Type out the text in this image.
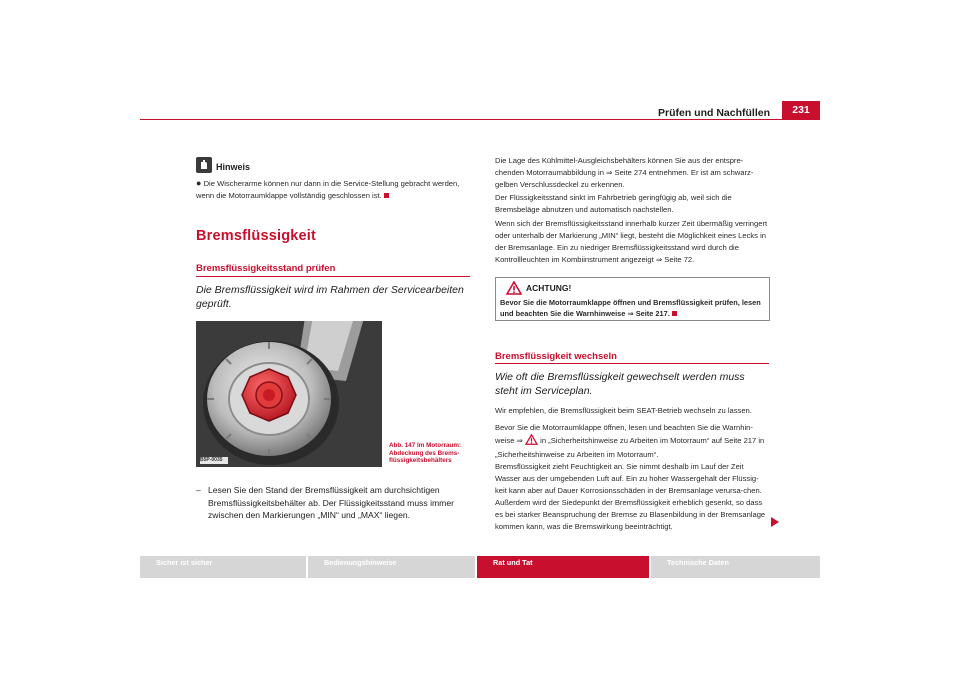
Prüfen und Nachfüllen	231
Hinweis
● Die Wischerarme können nur dann in die Service-Stellung gebracht werden, wenn die Motorraumklappe vollständig geschlossen ist.
Bremsflüssigkeit
Bremsflüssigkeitsstand prüfen
Die Bremsflüssigkeit wird im Rahmen der Servicearbeiten geprüft.
B5P-0035
Abb. 147 Im Motorraum:
Abdeckung des Brems-
flüssigkeitsbehälters
– Lesen Sie den Stand der Bremsflüssigkeit am durchsichtigen Bremsflüssigkeitsbehälter ab. Der Flüssigkeitsstand muss immer zwischen den Markierungen „MIN“ und „MAX“ liegen.
Die Lage des Kühlmittel-Ausgleichsbehälters können Sie aus der entspre-chenden Motorraumabbildung in ⇒ Seite 274 entnehmen. Er ist am schwarz-gelben Verschlussdeckel zu erkennen.
Der Flüssigkeitsstand sinkt im Fahrbetrieb geringfügig ab, weil sich die Bremsbeläge abnutzen und automatisch nachstellen.
Wenn sich der Bremsflüssigkeitsstand innerhalb kurzer Zeit übermäßig verringert oder unterhalb der Markierung „MIN“ liegt, besteht die Möglichkeit eines Lecks in der Bremsanlage. Ein zu niedriger Bremsflüssigkeitsstand wird durch die Kontrollleuchten im Kombiinstrument angezeigt ⇒ Seite 72.
ACHTUNG!
Bevor Sie die Motorraumklappe öffnen und Bremsflüssigkeit prüfen, lesen und beachten Sie die Warnhinweise ⇒ Seite 217.
Bremsflüssigkeit wechseln
Wie oft die Bremsflüssigkeit gewechselt werden muss steht im Serviceplan.
Wir empfehlen, die Bremsflüssigkeit beim SEAT-Betrieb wechseln zu lassen.
Bevor Sie die Motorraumklappe öffnen, lesen und beachten Sie die Warnhin-weise ⇒ in „Sicherheitshinweise zu Arbeiten im Motorraum“ auf Seite 217 in „Sicherheitshinweise zu Arbeiten im Motorraum“.
Bremsflüssigkeit zieht Feuchtigkeit an. Sie nimmt deshalb im Lauf der Zeit Wasser aus der umgebenden Luft auf. Ein zu hoher Wassergehalt der Flüssig-keit kann aber auf Dauer Korrosionsschäden in der Bremsanlage verursa-chen. Außerdem wird der Siedepunkt der Bremsflüssigkeit erheblich gesenkt, so dass es bei starker Beanspruchung der Bremse zu Blasenbildung in der Bremsanlage kommen kann, was die Bremswirkung beeinträchtigt.
Sicher ist sicher	Bedienungshinweise	Rat und Tat	Technische Daten
